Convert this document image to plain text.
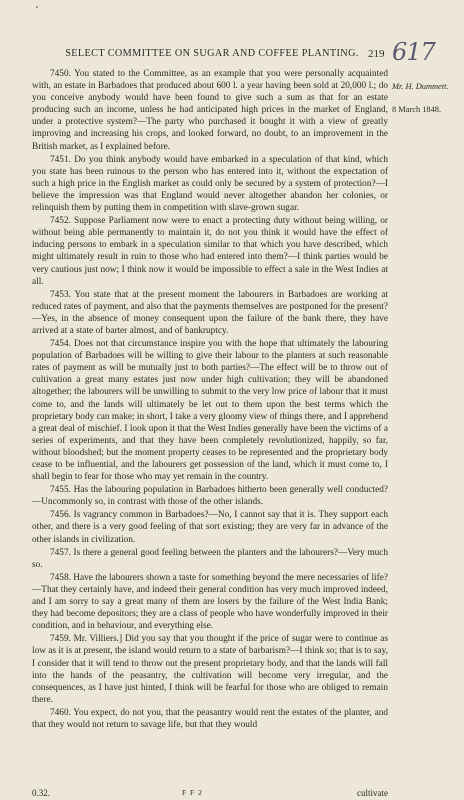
SELECT COMMITTEE ON SUGAR AND COFFEE PLANTING. 219 617
Mr. H. Dummett.
8 March 1848.

7450. You stated to the Committee, as an example that you were personally acquainted with, an estate in Barbadoes that produced about 600 l. a year having been sold at 20,000 l.; do you conceive anybody would have been found to give such a sum as that for an estate producing such an income, unless he had anticipated high prices in the market of England, under a protective system?—The party who purchased it bought it with a view of greatly improving and increasing his crops, and looked forward, no doubt, to an improvement in the British market, as I explained before.

7451. Do you think anybody would have embarked in a speculation of that kind, which you state has been ruinous to the person who has entered into it, without the expectation of such a high price in the English market as could only be secured by a system of protection?—I believe the impression was that England would never altogether abandon her colonies, or relinquish them by putting them in competition with slave-grown sugar.

7452. Suppose Parliament now were to enact a protecting duty without being willing, or without being able permanently to maintain it, do not you think it would have the effect of inducing persons to embark in a speculation similar to that which you have described, which might ultimately result in ruin to those who had entered into them?—I think parties would be very cautious just now; I think now it would be impossible to effect a sale in the West Indies at all.

7453. You state that at the present moment the labourers in Barbadoes are working at reduced rates of payment, and also that the payments themselves are postponed for the present?—Yes, in the absence of money consequent upon the failure of the bank there, they have arrived at a state of barter almost, and of bankruptcy.

7454. Does not that circumstance inspire you with the hope that ultimately the labouring population of Barbadoes will be willing to give their labour to the planters at such reasonable rates of payment as will be mutually just to both parties?—The effect will be to throw out of cultivation a great many estates just now under high cultivation; they will be abandoned altogether; the labourers will be unwilling to submit to the very low price of labour that it must come to, and the lands will ultimately be let out to them upon the best terms which the proprietary body can make; in short, I take a very gloomy view of things there, and I apprehend a great deal of mischief. I look upon it that the West Indies generally have been the victims of a series of experiments, and that they have been completely revolutionized, happily, so far, without bloodshed; but the moment property ceases to be represented and the proprietary body cease to be influential, and the labourers get possession of the land, which it must come to, I shall begin to fear for those who may yet remain in the country.

7455. Has the labouring population in Barbadoes hitherto been generally well conducted?—Uncommonly so, in contrast with those of the other islands.

7456. Is vagrancy common in Barbadoes?—No, I cannot say that it is. They support each other, and there is a very good feeling of that sort existing; they are very far in advance of the other islands in civilization.

7457. Is there a general good feeling between the planters and the labourers?—Very much so.

7458. Have the labourers shown a taste for something beyond the mere necessaries of life?—That they certainly have, and indeed their general condition has very much improved indeed, and I am sorry to say a great many of them are losers by the failure of the West India Bank; they had become depositors; they are a class of people who have wonderfully improved in their condition, and in behaviour, and everything else.

7459. Mr. Villiers.] Did you say that you thought if the price of sugar were to continue as low as it is at present, the island would return to a state of barbarism?—I think so; that is to say, I consider that it will tend to throw out the present proprietary body, and that the lands will fall into the hands of the peasantry, the cultivation will become very irregular, and the consequences, as I have just hinted, I think will be fearful for those who are obliged to remain there.

7460. You expect, do not you, that the peasantry would rent the estates of the planter, and that they would not return to savage life, but that they would

0.32.	F F 2	cultivate
